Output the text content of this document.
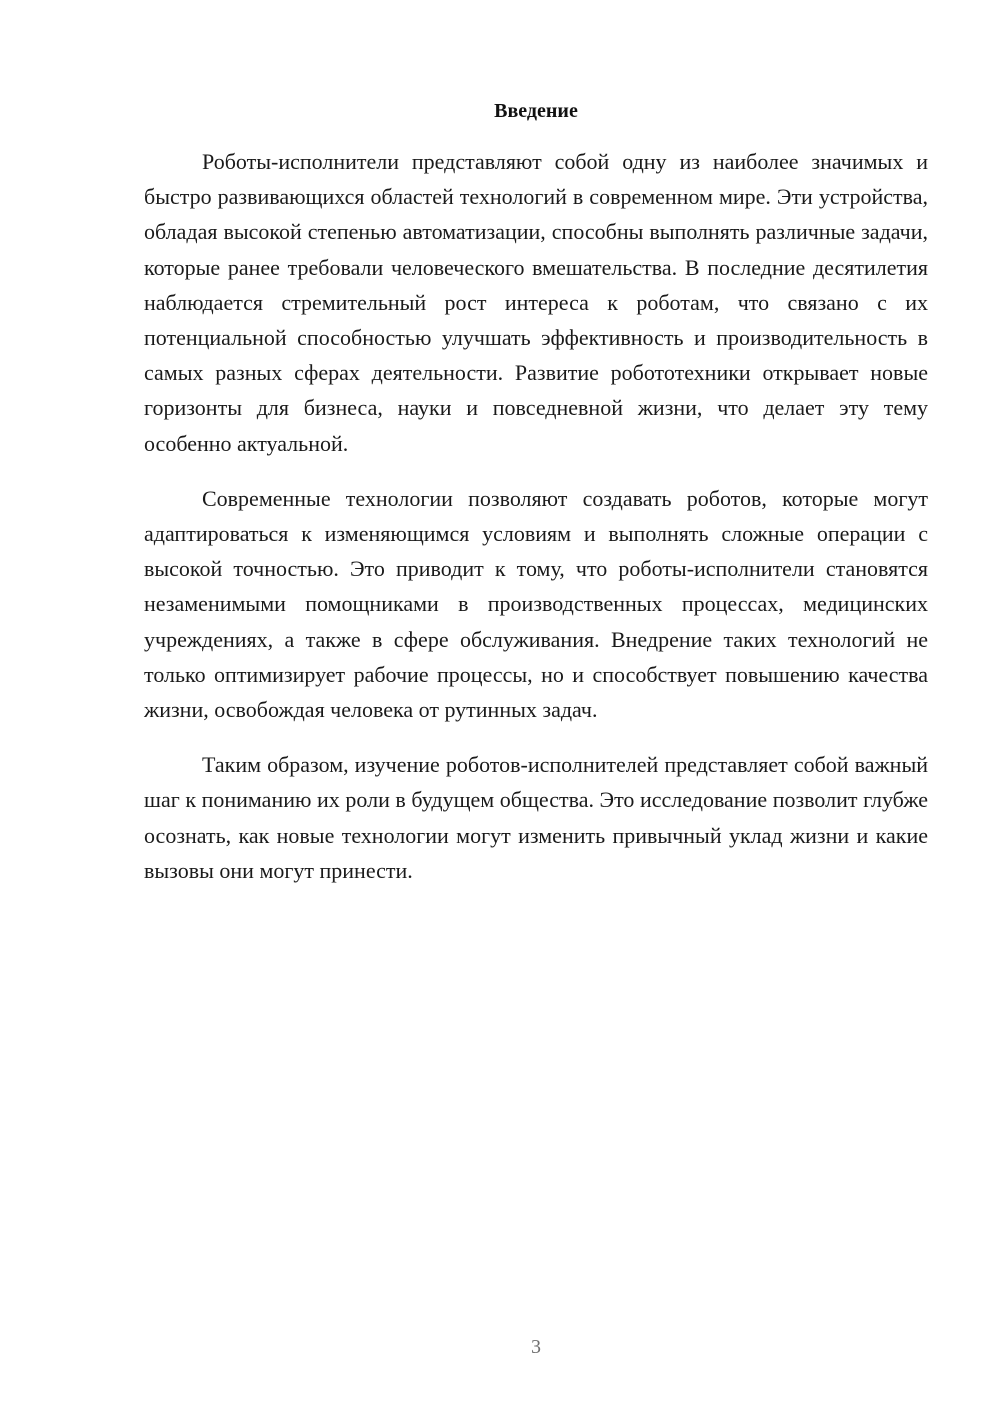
Введение

Роботы-исполнители представляют собой одну из наиболее значимых и быстро развивающихся областей технологий в современном мире. Эти устройства, обладая высокой степенью автоматизации, способны выполнять различные задачи, которые ранее требовали человеческого вмешательства. В последние десятилетия наблюдается стремительный рост интереса к роботам, что связано с их потенциальной способностью улучшать эффективность и производительность в самых разных сферах деятельности. Развитие робототехники открывает новые горизонты для бизнеса, науки и повседневной жизни, что делает эту тему особенно актуальной.

Современные технологии позволяют создавать роботов, которые могут адаптироваться к изменяющимся условиям и выполнять сложные операции с высокой точностью. Это приводит к тому, что роботы-исполнители становятся незаменимыми помощниками в производственных процессах, медицинских учреждениях, а также в сфере обслуживания. Внедрение таких технологий не только оптимизирует рабочие процессы, но и способствует повышению качества жизни, освобождая человека от рутинных задач.

Таким образом, изучение роботов-исполнителей представляет собой важный шаг к пониманию их роли в будущем общества. Это исследование позволит глубже осознать, как новые технологии могут изменить привычный уклад жизни и какие вызовы они могут принести.

3
